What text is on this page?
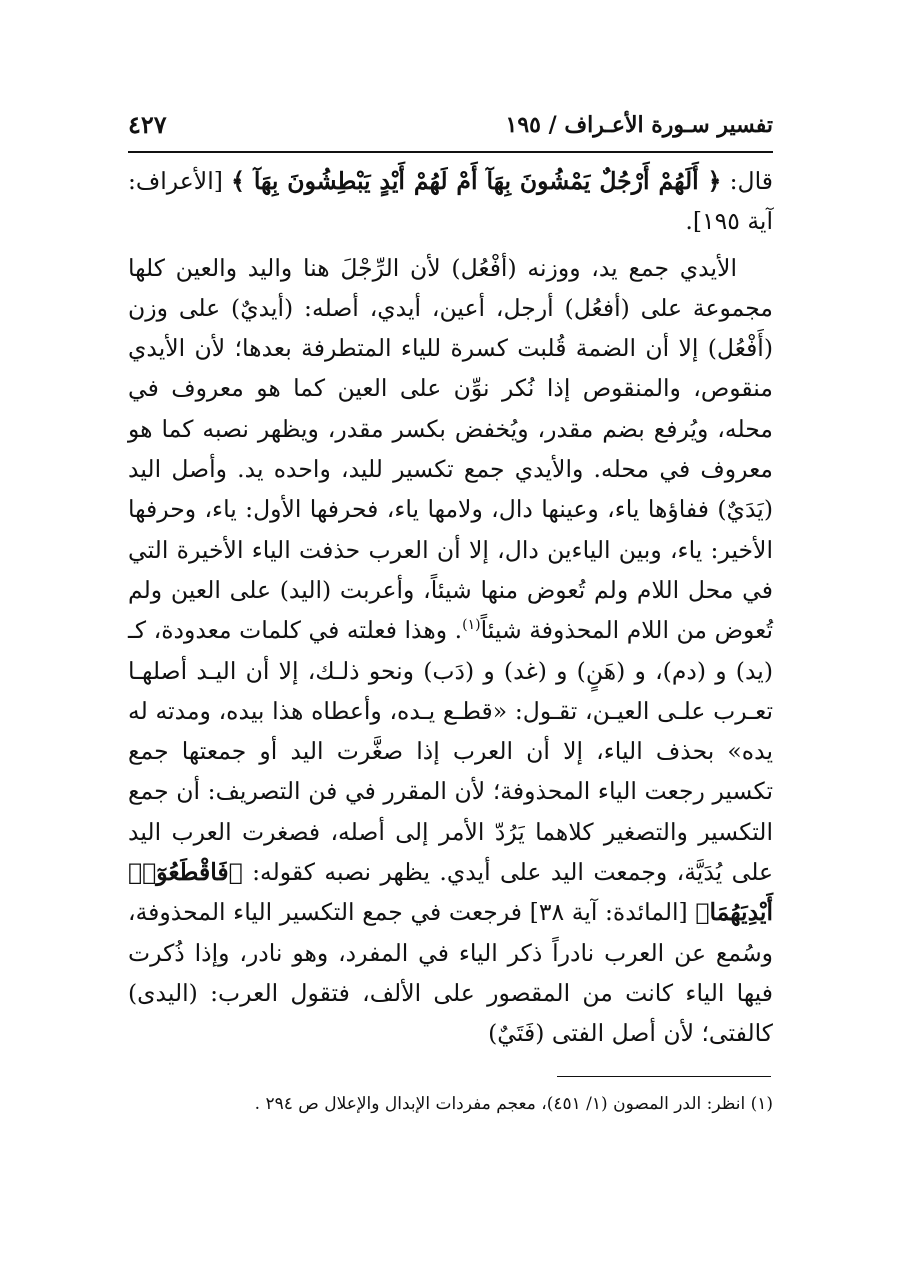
تفسير سـورة الأعـراف / ١٩٥
٤٢٧

قال: ﴿ أَلَهُمْ أَرْجُلٌ يَمْشُونَ بِهَآ أَمْ لَهُمْ أَيْدٍ يَبْطِشُونَ بِهَآ ﴾ [الأعراف: آية ١٩٥].

الأيدي جمع يد، ووزنه (أفْعُل) لأن الرِّجْلَ هنا واليد والعين كلها مجموعة على (أفعُل) أرجل، أعين، أيدي، أصله: (أيديٌ) على وزن (أَفْعُل) إلا أن الضمة قُلبت كسرة للياء المتطرفة بعدها؛ لأن الأيدي منقوص، والمنقوص إذا نُكر نوِّن على العين كما هو معروف في محله، ويُرفع بضم مقدر، ويُخفض بكسر مقدر، ويظهر نصبه كما هو معروف في محله. والأيدي جمع تكسير لليد، واحده يد. وأصل اليد (يَدَيٌ) ففاؤها ياء، وعينها دال، ولامها ياء، فحرفها الأول: ياء، وحرفها الأخير: ياء، وبين الياءين دال، إلا أن العرب حذفت الياء الأخيرة التي في محل اللام ولم تُعوض منها شيئاً، وأعربت (اليد) على العين ولم تُعوض من اللام المحذوفة شيئاً$^{(١)}$. وهذا فعلته في كلمات معدودة، كـ (يد) و (دم)، و (هَنٍ) و (غد) و (دَب) ونحو ذلـك، إلا أن اليـد أصلهـا تعـرب علـى العيـن، تقـول: «قطـع يـده، وأعطاه هذا بيده، ومدته له يده» بحذف الياء، إلا أن العرب إذا صغَّرت اليد أو جمعتها جمع تكسير رجعت الياء المحذوفة؛ لأن المقرر في فن التصريف: أن جمع التكسير والتصغير كلاهما يَرُدّ الأمر إلى أصله، فصغرت العرب اليد على يُدَيَّة، وجمعت اليد على أيدي. يظهر نصبه كقوله: ﴿فَاقْطَعُوٓا۟ أَيْدِيَهُمَا﴾ [المائدة: آية ٣٨] فرجعت في جمع التكسير الياء المحذوفة، وسُمع عن العرب نادراً ذكر الياء في المفرد، وهو نادر، وإذا ذُكرت فيها الياء كانت من المقصور على الألف، فتقول العرب: (اليدى) كالفتى؛ لأن أصل الفتى (فَتَيٌ)

(١) انظر: الدر المصون (١/ ٤٥١)، معجم مفردات الإبدال والإعلال ص ٢٩٤ .
